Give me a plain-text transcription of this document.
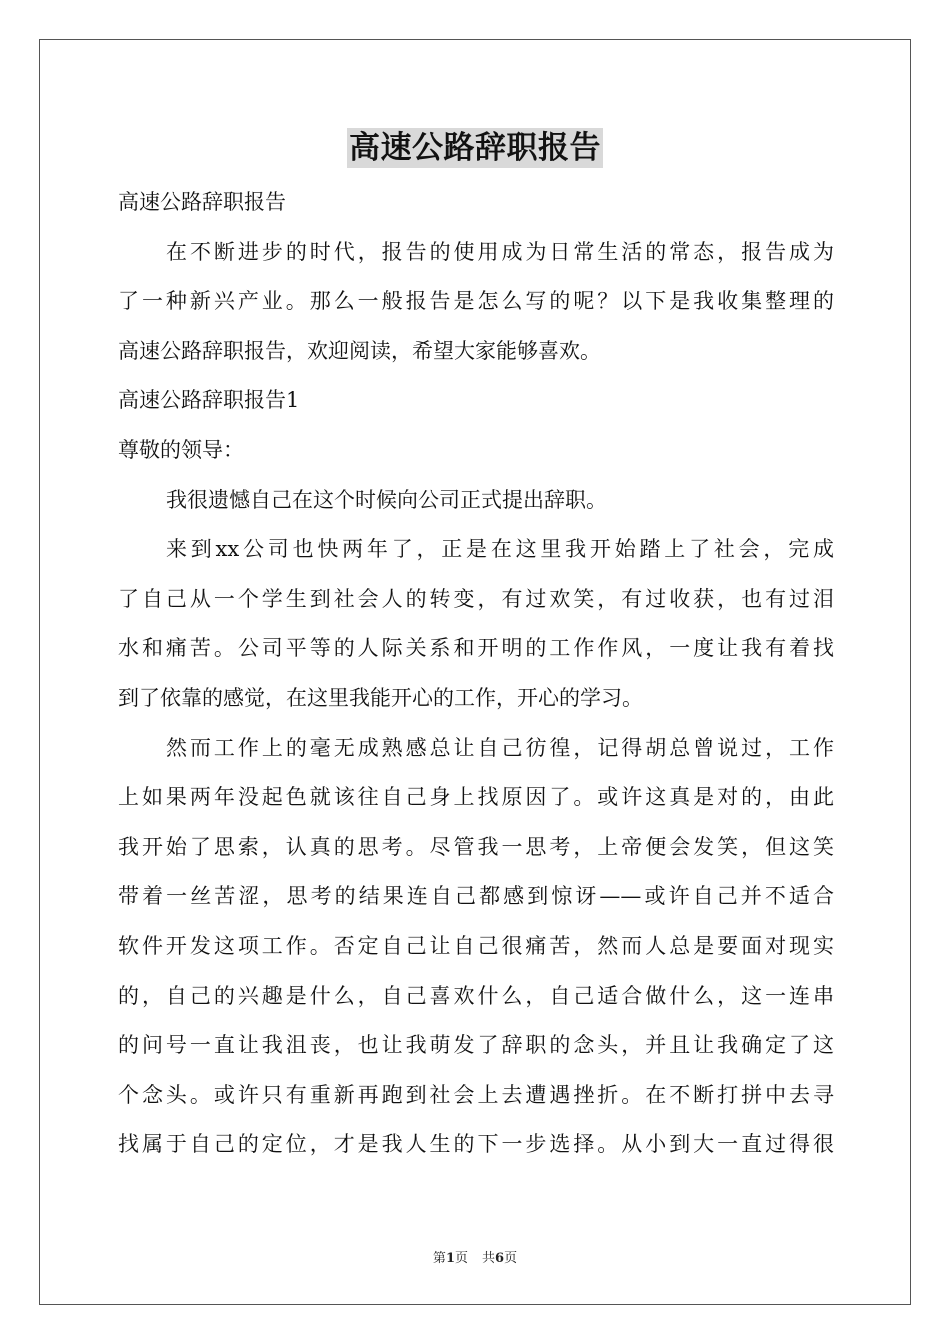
高速公路辞职报告
高速公路辞职报告
在不断进步的时代，报告的使用成为日常生活的常态，报告成为
了一种新兴产业。那么一般报告是怎么写的呢？以下是我收集整理的
高速公路辞职报告，欢迎阅读，希望大家能够喜欢。
高速公路辞职报告1
尊敬的领导：
我很遗憾自己在这个时候向公司正式提出辞职。
来到xx公司也快两年了，正是在这里我开始踏上了社会，完成
了自己从一个学生到社会人的转变，有过欢笑，有过收获，也有过泪
水和痛苦。公司平等的人际关系和开明的工作作风，一度让我有着找
到了依靠的感觉，在这里我能开心的工作，开心的学习。
然而工作上的毫无成熟感总让自己彷徨，记得胡总曾说过，工作
上如果两年没起色就该往自己身上找原因了。或许这真是对的，由此
我开始了思索，认真的思考。尽管我一思考，上帝便会发笑，但这笑
带着一丝苦涩，思考的结果连自己都感到惊讶——或许自己并不适合
软件开发这项工作。否定自己让自己很痛苦，然而人总是要面对现实
的，自己的兴趣是什么，自己喜欢什么，自己适合做什么，这一连串
的问号一直让我沮丧，也让我萌发了辞职的念头，并且让我确定了这
个念头。或许只有重新再跑到社会上去遭遇挫折。在不断打拼中去寻
找属于自己的定位，才是我人生的下一步选择。从小到大一直过得很
第1页 共6页
